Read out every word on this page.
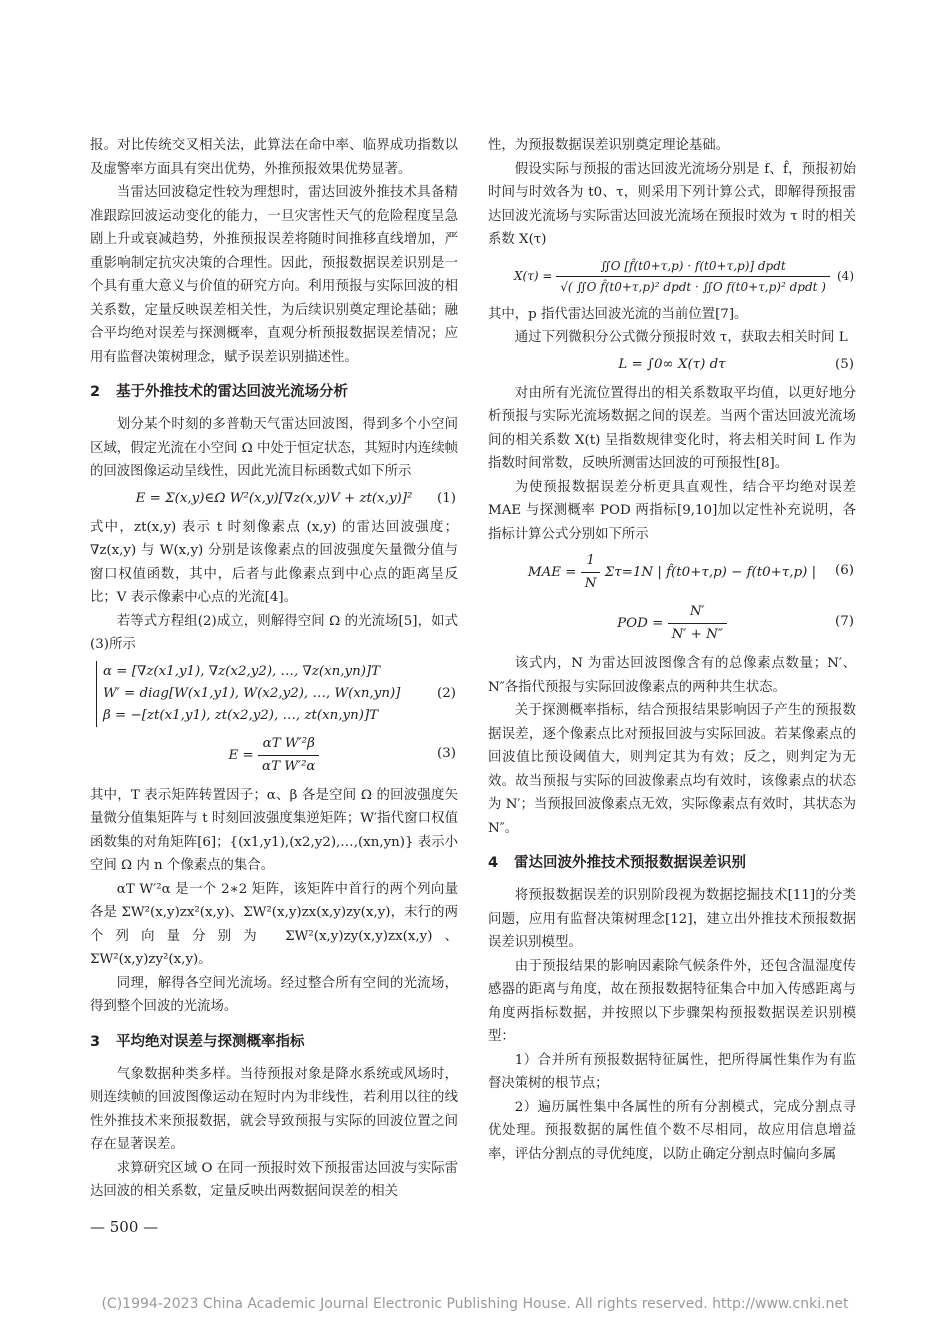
报。对比传统交叉相关法，此算法在命中率、临界成功指数以及虚警率方面具有突出优势，外推预报效果优势显著。

当雷达回波稳定性较为理想时，雷达回波外推技术具备精准跟踪回波运动变化的能力，一旦灾害性天气的危险程度呈急剧上升或衰减趋势，外推预报误差将随时间推移直线增加，严重影响制定抗灾决策的合理性。因此，预报数据误差识别是一个具有重大意义与价值的研究方向。利用预报与实际回波的相关系数，定量反映误差相关性，为后续识别奠定理论基础；融合平均绝对误差与探测概率，直观分析预报数据误差情况；应用有监督决策树理念，赋予误差识别描述性。

2 基于外推技术的雷达回波光流场分析

划分某个时刻的多普勒天气雷达回波图，得到多个小空间区域，假定光流在小空间 Ω 中处于恒定状态，其短时内连续帧的回波图像运动呈线性，因此光流目标函数式如下所示

E = Σ(x,y)∈Ω W²(x,y)[∇z(x,y)V + zt(x,y)]² (1)

式中，zt(x,y) 表示 t 时刻像素点 (x,y) 的雷达回波强度；∇z(x,y) 与 W(x,y) 分别是该像素点的回波强度矢量微分值与窗口权值函数，其中，后者与此像素点到中心点的距离呈反比；V 表示像素中心点的光流[4]。

若等式方程组(2)成立，则解得空间 Ω 的光流场[5]，如式(3)所示

α = [∇z(x1,y1), ∇z(x2,y2), …, ∇z(xn,yn)]T
W′ = diag[W(x1,y1), W(x2,y2), …, W(xn,yn)]
β = −[zt(x1,y1), zt(x2,y2), …, zt(xn,yn)]T
(2)
$E = \frac{\text{αT W′²β}}{\text{αT W′²α}}$	(3)

其中，T 表示矩阵转置因子；α、β 各是空间 Ω 的回波强度矢量微分值集矩阵与 t 时刻回波强度集逆矩阵；W′指代窗口权值函数集的对角矩阵[6]；{(x1,y1),(x2,y2),…,(xn,yn)} 表示小空间 Ω 内 n 个像素点的集合。

αT W′²α 是一个 2∗2 矩阵，该矩阵中首行的两个列向量各是 ΣW²(x,y)zx²(x,y)、ΣW²(x,y)zx(x,y)zy(x,y)，末行的两个列向量分别为 ΣW²(x,y)zy(x,y)zx(x,y)、ΣW²(x,y)zy²(x,y)。

同理，解得各空间光流场。经过整合所有空间的光流场，得到整个回波的光流场。

3 平均绝对误差与探测概率指标

气象数据种类多样。当待预报对象是降水系统或风场时，则连续帧的回波图像运动在短时内为非线性，若利用以往的线性外推技术来预报数据，就会导致预报与实际的回波位置之间存在显著误差。

求算研究区域 O 在同一预报时效下预报雷达回波与实际雷达回波的相关系数，定量反映出两数据间误差的相关

性，为预报数据误差识别奠定理论基础。

假设实际与预报的雷达回波光流场分别是 f、f̂，预报初始时间与时效各为 t0、τ，则采用下列计算公式，即解得预报雷达回波光流场与实际雷达回波光流场在预报时效为 τ 时的相关系数 X(τ)

$X(\tau) = \frac{\text{∬O [f̂(t0+τ,p) · f(t0+τ,p)] dpdt}}{\text{√( ∬O f̂(t0+τ,p)² dpdt · ∬O f(t0+τ,p)² dpdt )}} (4)$

其中，p 指代雷达回波光流的当前位置[7]。

通过下列微积分公式微分预报时效 τ，获取去相关时间 L

L = ∫0∞ X(τ) dτ	(5)

对由所有光流位置得出的相关系数取平均值，以更好地分析预报与实际光流场数据之间的误差。当两个雷达回波光流场间的相关系数 X(t) 呈指数规律变化时，将去相关时间 L 作为指数时间常数，反映所测雷达回波的可预报性[8]。

为使预报数据误差分析更具直观性，结合平均绝对误差 MAE 与探测概率 POD 两指标[9,10]加以定性补充说明，各指标计算公式分别如下所示

MAE = $\frac{1}{N} \Sigma\tau=1N$ | f̂(t0+τ,p) − f(t0+τ,p) | (6)
POD = $\frac{N'}{N' + N''}$	(7)

该式内，N 为雷达回波图像含有的总像素点数量；N′、N″各指代预报与实际回波像素点的两种共生状态。

关于探测概率指标，结合预报结果影响因子产生的预报数据误差，逐个像素点比对预报回波与实际回波。若某像素点的回波值比预设阈值大，则判定其为有效；反之，则判定为无效。故当预报与实际的回波像素点均有效时，该像素点的状态为 N′；当预报回波像素点无效，实际像素点有效时，其状态为 N″。

4 雷达回波外推技术预报数据误差识别

将预报数据误差的识别阶段视为数据挖掘技术[11]的分类问题，应用有监督决策树理念[12]，建立出外推技术预报数据误差识别模型。

由于预报结果的影响因素除气候条件外，还包含温湿度传感器的距离与角度，故在预报数据特征集合中加入传感距离与角度两指标数据，并按照以下步骤架构预报数据误差识别模型：

1）合并所有预报数据特征属性，把所得属性集作为有监督决策树的根节点；

2）遍历属性集中各属性的所有分割模式，完成分割点寻优处理。预报数据的属性值个数不尽相同，故应用信息增益率，评估分割点的寻优纯度，以防止确定分割点时偏向多属

— 500 —
(C)1994-2023 China Academic Journal Electronic Publishing House. All rights reserved. http://www.cnki.net
